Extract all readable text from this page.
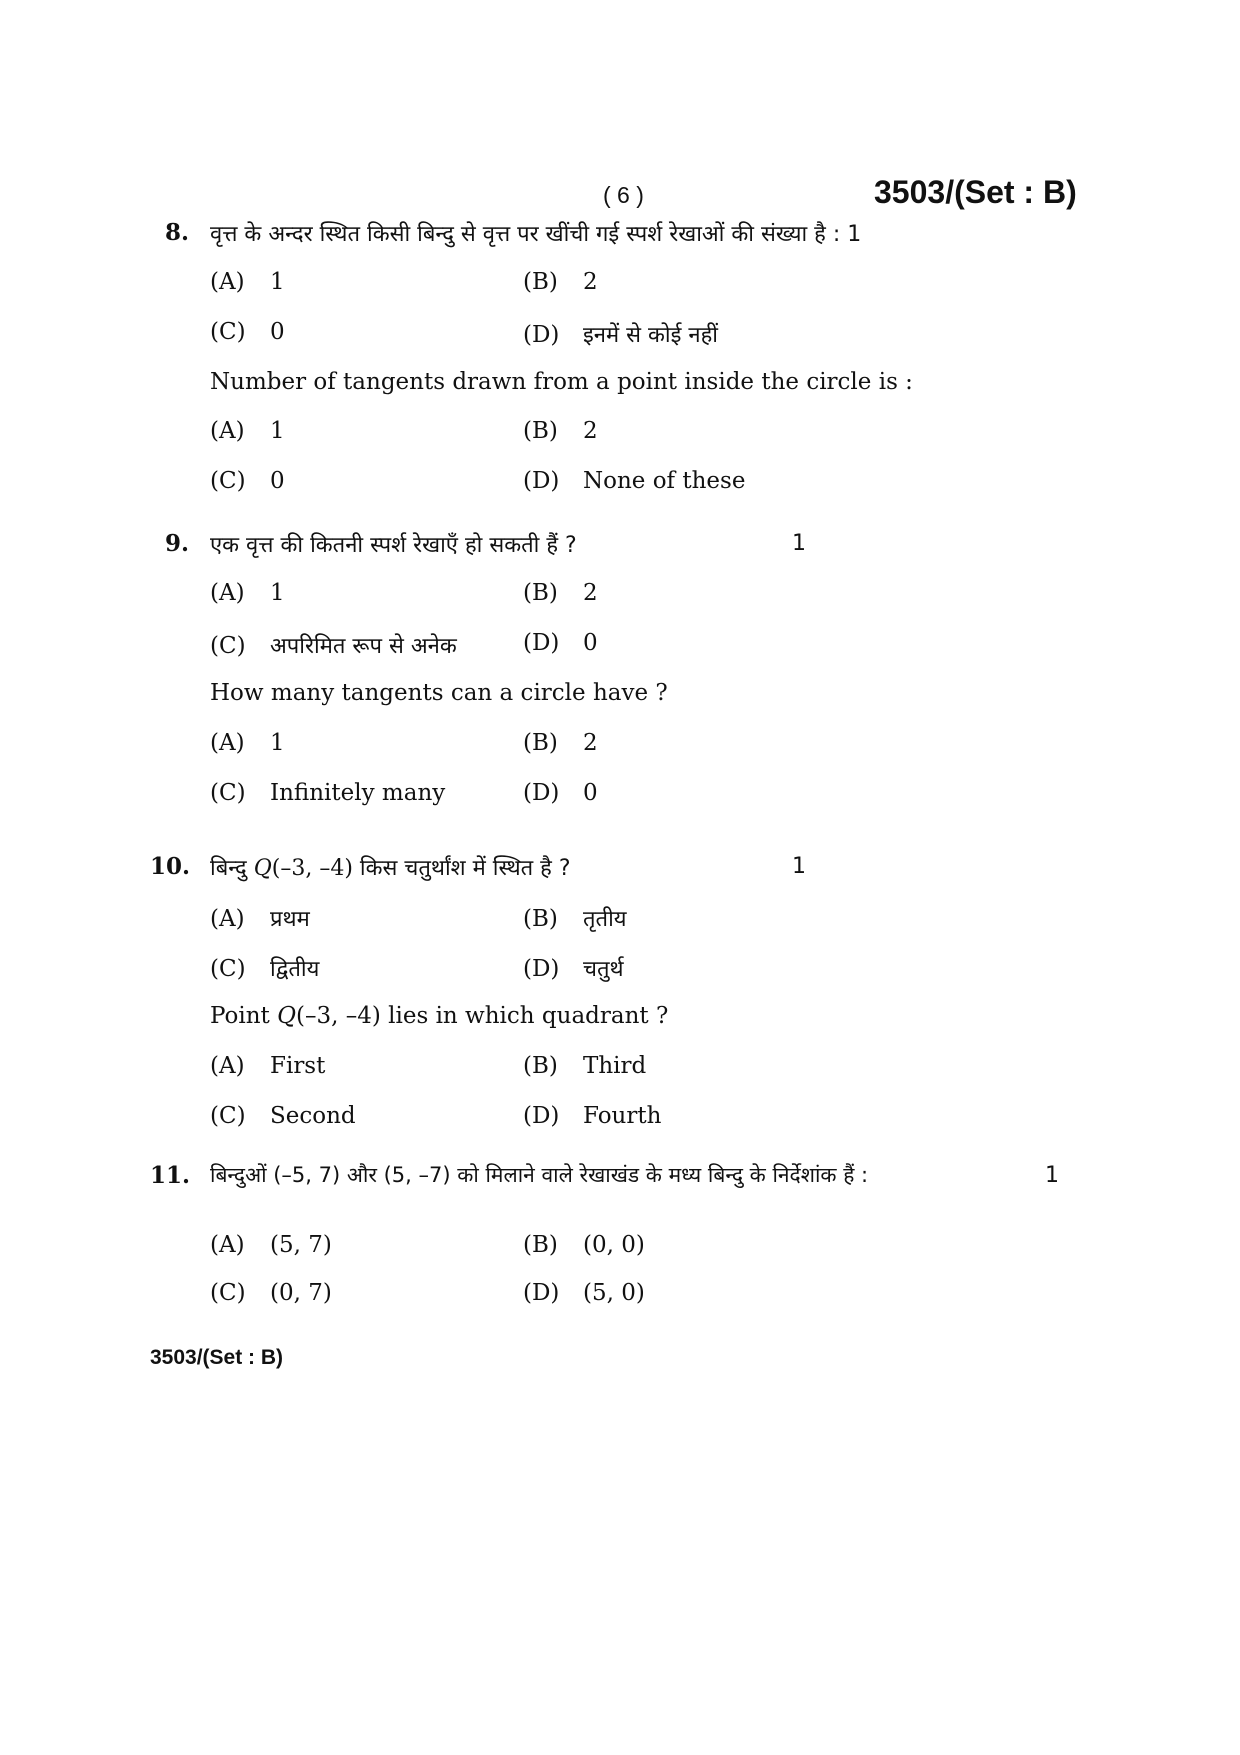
( 6 )	3503/(Set : B)
8. वृत्त के अन्दर स्थित किसी बिन्दु से वृत्त पर खींची गई स्पर्श रेखाओं की संख्या है : 1
(A) 1	(B) 2
(C) 0	(D) इनमें से कोई नहीं
Number of tangents drawn from a point inside the circle is :
(A) 1	(B) 2
(C) 0	(D) None of these
9. एक वृत्त की कितनी स्पर्श रेखाएँ हो सकती हैं ?	1
(A) 1	(B) 2
(C) अपरिमित रूप से अनेक	(D) 0
How many tangents can a circle have ?
(A) 1	(B) 2
(C) Infinitely many	(D) 0
10. बिन्दु Q(–3, –4) किस चतुर्थांश में स्थित है ?	1
(A) प्रथम	(B) तृतीय
(C) द्वितीय	(D) चतुर्थ
Point Q(–3, –4) lies in which quadrant ?
(A) First	(B) Third
(C) Second	(D) Fourth
11. बिन्दुओं (–5, 7) और (5, –7) को मिलाने वाले रेखाखंड के मध्य बिन्दु के निर्देशांक हैं :	1
(A) (5, 7)	(B) (0, 0)
(C) (0, 7)	(D) (5, 0)
3503/(Set : B)
